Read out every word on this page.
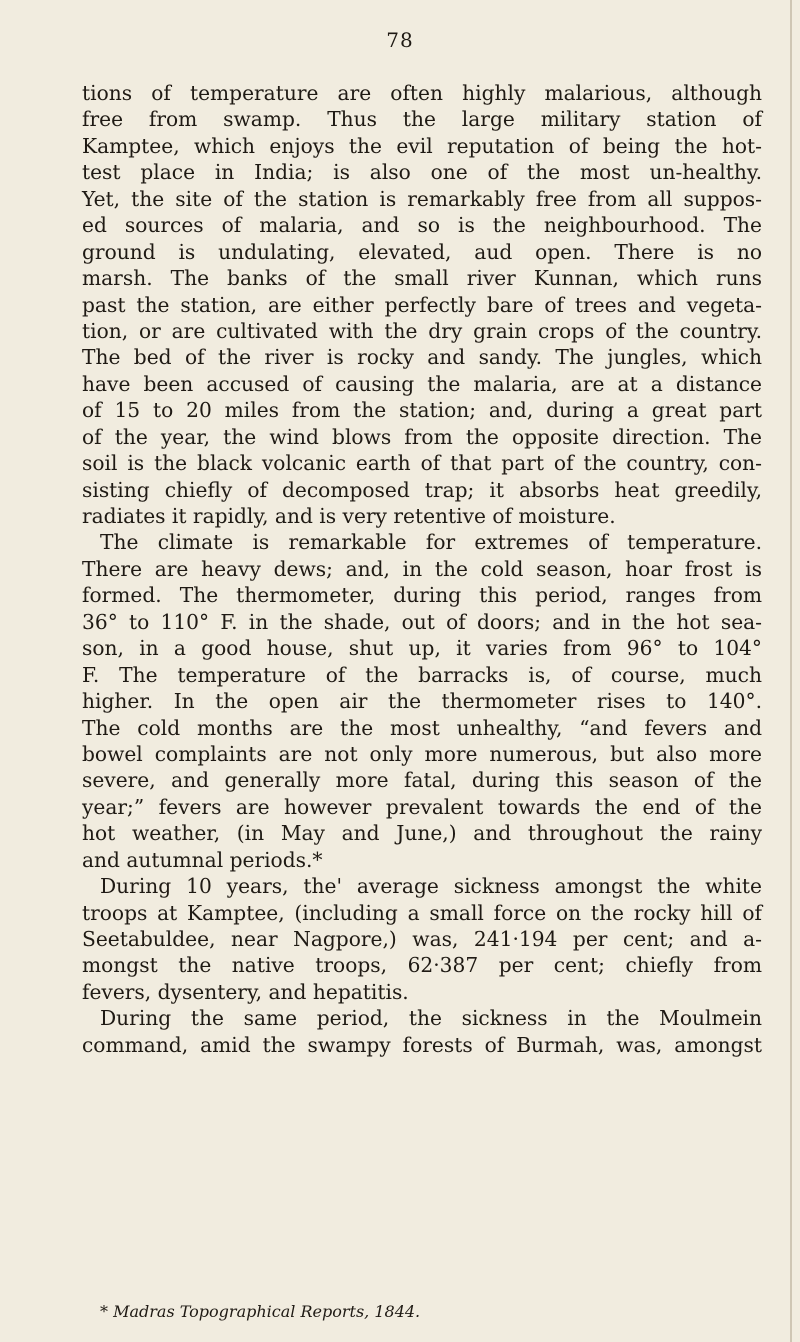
78
tions of temperature are often highly malarious, although
free from swamp. Thus the large military station of
Kamptee, which enjoys the evil reputation of being the hot-
test place in India; is also one of the most un-healthy.
Yet, the site of the station is remarkably free from all suppos-
ed sources of malaria, and so is the neighbourhood. The
ground is undulating, elevated, aud open. There is no
marsh. The banks of the small river Kunnan, which runs
past the station, are either perfectly bare of trees and vegeta-
tion, or are cultivated with the dry grain crops of the country.
The bed of the river is rocky and sandy. The jungles, which
have been accused of causing the malaria, are at a distance
of 15 to 20 miles from the station; and, during a great part
of the year, the wind blows from the opposite direction. The
soil is the black volcanic earth of that part of the country, con-
sisting chiefly of decomposed trap; it absorbs heat greedily,
radiates it rapidly, and is very retentive of moisture.
The climate is remarkable for extremes of temperature.
There are heavy dews; and, in the cold season, hoar frost is
formed. The thermometer, during this period, ranges from
36° to 110° F. in the shade, out of doors; and in the hot sea-
son, in a good house, shut up, it varies from 96° to 104°
F. The temperature of the barracks is, of course, much
higher. In the open air the thermometer rises to 140°.
The cold months are the most unhealthy, “and fevers and
bowel complaints are not only more numerous, but also more
severe, and generally more fatal, during this season of the
year;” fevers are however prevalent towards the end of the
hot weather, (in May and June,) and throughout the rainy
and autumnal periods.*
During 10 years, the' average sickness amongst the white
troops at Kamptee, (including a small force on the rocky hill of
Seetabuldee, near Nagpore,) was, 241·194 per cent; and a-
mongst the native troops, 62·387 per cent; chiefly from
fevers, dysentery, and hepatitis.
During the same period, the sickness in the Moulmein
command, amid the swampy forests of Burmah, was, amongst
* Madras Topographical Reports, 1844.
